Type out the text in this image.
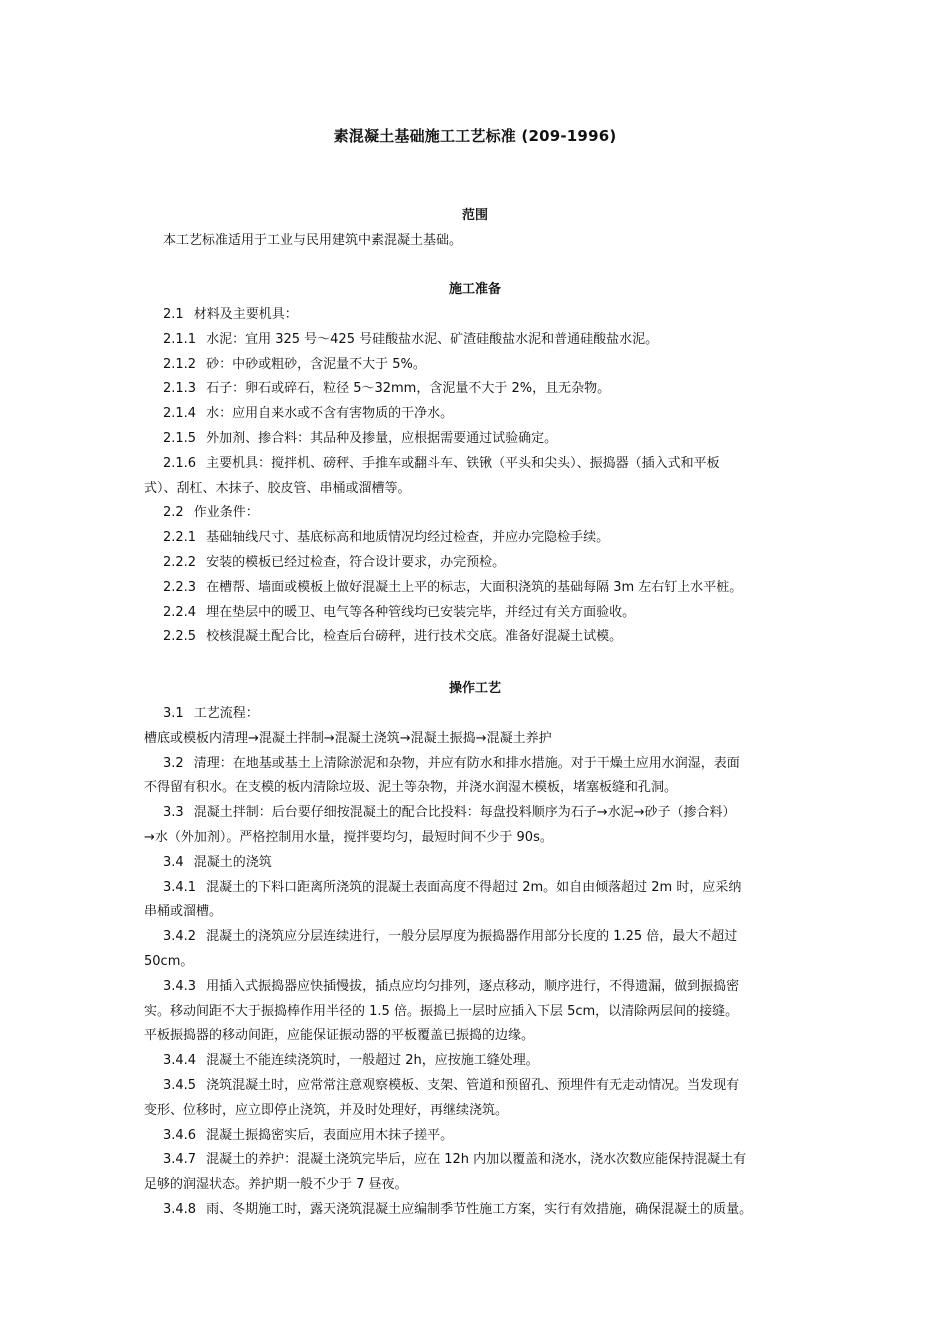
素混凝土基础施工工艺标准 (209-1996)
范围
本工艺标准适用于工业与民用建筑中素混凝土基础。
施工准备
2.1 材料及主要机具：
2.1.1 水泥：宜用 325 号～425 号硅酸盐水泥、矿渣硅酸盐水泥和普通硅酸盐水泥。
2.1.2 砂：中砂或粗砂，含泥量不大于 5%。
2.1.3 石子：卵石或碎石，粒径 5～32mm，含泥量不大于 2%，且无杂物。
2.1.4 水：应用自来水或不含有害物质的干净水。
2.1.5 外加剂、掺合料：其品种及掺量，应根据需要通过试验确定。
2.1.6 主要机具：搅拌机、磅秤、手推车或翻斗车、铁锹（平头和尖头）、振捣器（插入式和平板
式）、刮杠、木抹子、胶皮管、串桶或溜槽等。
2.2 作业条件：
2.2.1 基础轴线尺寸、基底标高和地质情况均经过检查，并应办完隐检手续。
2.2.2 安装的模板已经过检查，符合设计要求，办完预检。
2.2.3 在槽帮、墙面或模板上做好混凝土上平的标志，大面积浇筑的基础每隔 3m 左右钉上水平桩。
2.2.4 埋在垫层中的暖卫、电气等各种管线均已安装完毕，并经过有关方面验收。
2.2.5 校核混凝土配合比，检查后台磅秤，进行技术交底。准备好混凝土试模。
操作工艺
3.1 工艺流程：
槽底或模板内清理→混凝土拌制→混凝土浇筑→混凝土振捣→混凝土养护
3.2 清理：在地基或基土上清除淤泥和杂物，并应有防水和排水措施。对于干燥土应用水润湿，表面
不得留有积水。在支模的板内清除垃圾、泥土等杂物，并浇水润湿木模板，堵塞板缝和孔洞。
3.3 混凝土拌制：后台要仔细按混凝土的配合比投料：每盘投料顺序为石子→水泥→砂子（掺合料）
→水（外加剂）。严格控制用水量，搅拌要均匀，最短时间不少于 90s。
3.4 混凝土的浇筑
3.4.1 混凝土的下料口距离所浇筑的混凝土表面高度不得超过 2m。如自由倾落超过 2m 时，应采纳
串桶或溜槽。
3.4.2 混凝土的浇筑应分层连续进行，一般分层厚度为振捣器作用部分长度的 1.25 倍，最大不超过
50cm。
3.4.3 用插入式振捣器应快插慢拔，插点应均匀排列，逐点移动，顺序进行，不得遗漏，做到振捣密
实。移动间距不大于振捣棒作用半径的 1.5 倍。振捣上一层时应插入下层 5cm，以清除两层间的接缝。
平板振捣器的移动间距，应能保证振动器的平板覆盖已振捣的边缘。
3.4.4 混凝土不能连续浇筑时，一般超过 2h，应按施工缝处理。
3.4.5 浇筑混凝土时，应常常注意观察模板、支架、管道和预留孔、预埋件有无走动情况。当发现有
变形、位移时，应立即停止浇筑，并及时处理好，再继续浇筑。
3.4.6 混凝土振捣密实后，表面应用木抹子搓平。
3.4.7 混凝土的养护：混凝土浇筑完毕后，应在 12h 内加以覆盖和浇水，浇水次数应能保持混凝土有
足够的润湿状态。养护期一般不少于 7 昼夜。
3.4.8 雨、冬期施工时，露天浇筑混凝土应编制季节性施工方案，实行有效措施，确保混凝土的质量。
